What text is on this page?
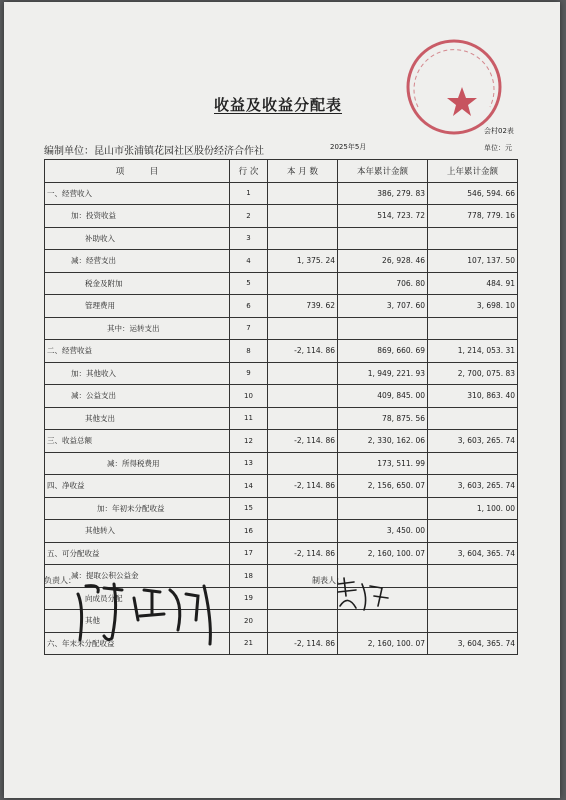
收益及收益分配表
编制单位：昆山市张浦镇花园社区股份经济合作社	2025年5月
会村02表
单位：元
项　　　目	行 次	本 月 数	本年累计金额	上年累计金额
一、经营收入	1		386, 279. 83	546, 594. 66
加：投资收益	2		514, 723. 72	778, 779. 16
补助收入	3			
减：经营支出	4	1, 375. 24	26, 928. 46	107, 137. 50
税金及附加	5		706. 80	484. 91
管理费用	6	739. 62	3, 707. 60	3, 698. 10
其中：运转支出	7			
二、经营收益	8	-2, 114. 86	869, 660. 69	1, 214, 053. 31
加：其他收入	9		1, 949, 221. 93	2, 700, 075. 83
减：公益支出	10		409, 845. 00	310, 863. 40
其他支出	11		78, 875. 56	
三、收益总额	12	-2, 114. 86	2, 330, 162. 06	3, 603, 265. 74
减：所得税费用	13		173, 511. 99	
四、净收益	14	-2, 114. 86	2, 156, 650. 07	3, 603, 265. 74
加：年初未分配收益	15			1, 100. 00
其他转入	16		3, 450. 00	
五、可分配收益	17	-2, 114. 86	2, 160, 100. 07	3, 604, 365. 74
减：提取公积公益金	18			
向成员分配	19			
其他	20			
六、年末未分配收益	21	-2, 114. 86	2, 160, 100. 07	3, 604, 365. 74
负责人：	制表人：
